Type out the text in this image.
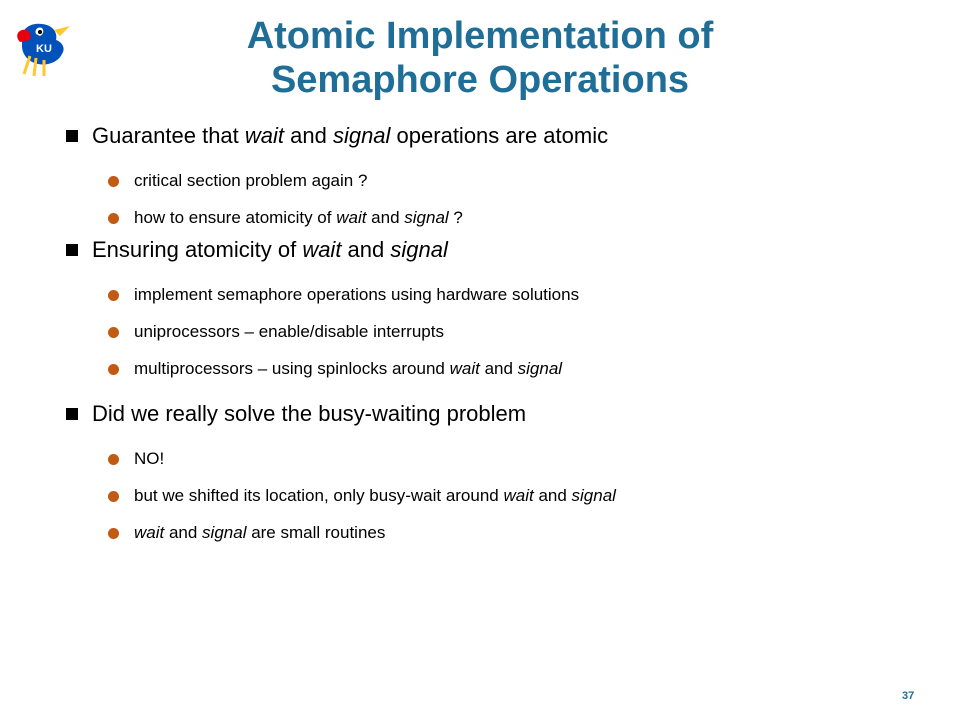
KU	Atomic Implementation of
Semaphore Operations
Guarantee that wait and signal operations are atomic
critical section problem again ?
how to ensure atomicity of wait and signal ?
Ensuring atomicity of wait and signal
implement semaphore operations using hardware solutions
uniprocessors – enable/disable interrupts
multiprocessors – using spinlocks around wait and signal
Did we really solve the busy-waiting problem
NO!
but we shifted its location, only busy-wait around wait and signal
wait and signal are small routines
37
